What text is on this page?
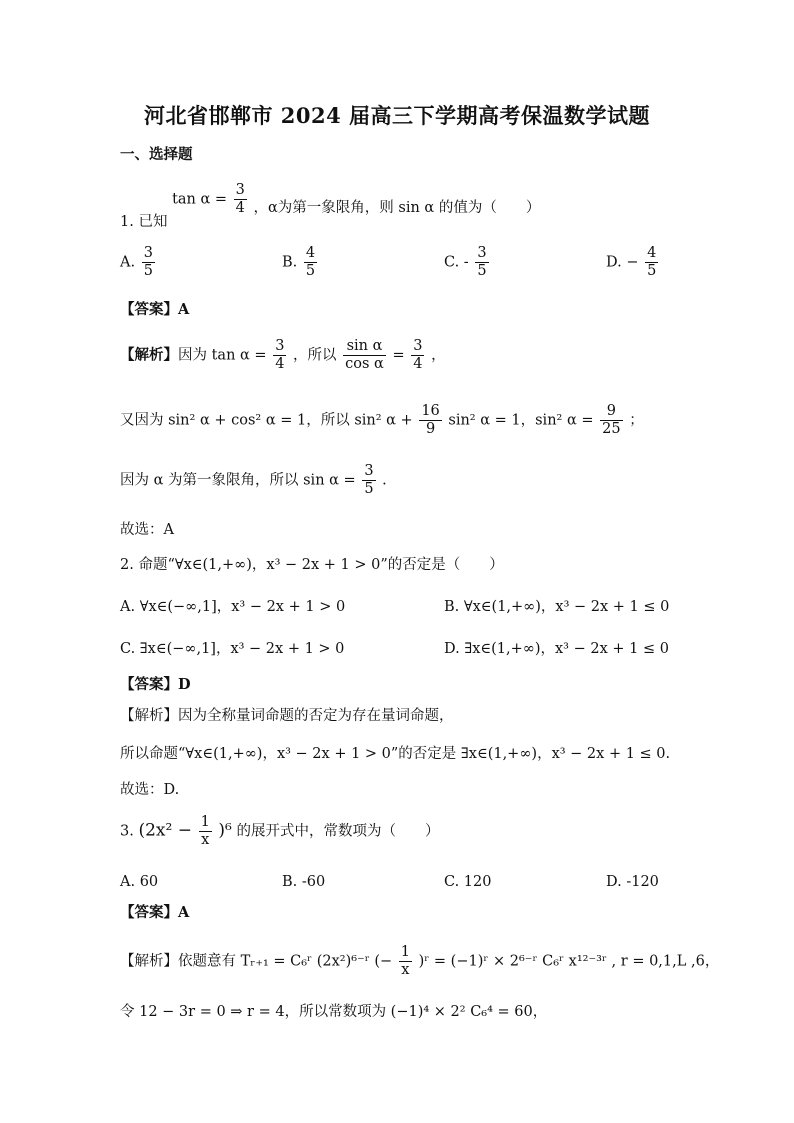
河北省邯郸市 2024 届高三下学期高考保温数学试题
一、选择题
1. 已知 $\tan \alpha = \frac{3}{4}$ ，α为第一象限角，则 sin α 的值为（　　）
A. $\frac{3}{5}$	B. $\frac{4}{5}$	C. - $\frac{3}{5}$	D. − $\frac{4}{5}$
【答案】A
【解析】因为 $\tan \alpha = \frac{3}{4}$ ，所以 $\frac{\text{sin α}}{\text{cos α}} = \frac{3}{4}$ ，
又因为 sin² α + cos² α = 1，所以 sin² $\alpha + \frac{16}{9} \sin^2$ α = 1，sin² $\alpha = \frac{9}{25}$ ；
因为 α 为第一象限角，所以 $\sin \alpha = \frac{3}{5}$ .
故选：A
2. 命题“∀x∈(1,+∞)，x³ − 2x + 1 > 0”的否定是（　　）
A. ∀x∈(−∞,1]，x³ − 2x + 1 > 0	B. ∀x∈(1,+∞)，x³ − 2x + 1 ≤ 0
C. ∃x∈(−∞,1]，x³ − 2x + 1 > 0	D. ∃x∈(1,+∞)，x³ − 2x + 1 ≤ 0
【答案】D
【解析】因为全称量词命题的否定为存在量词命题，
所以命题“∀x∈(1,+∞)，x³ − 2x + 1 > 0”的否定是 ∃x∈(1,+∞)，x³ − 2x + 1 ≤ 0.
故选：D.
3. $(2x^2 - \frac{1}{x} )^6$ 的展开式中，常数项为（　　）
A. 60	B. -60	C. 120	D. -120
【答案】A
【解析】依题意有 Tᵣ₊₁ = C₆ʳ (2x²)⁶⁻ʳ (− $\frac{1}{x}$ )ʳ = (−1)ʳ × 2⁶⁻ʳ C₆ʳ x¹²⁻³ʳ , r = 0,1,L ,6，
令 12 − 3r = 0 ⇒ r = 4，所以常数项为 (−1)⁴ × 2² C₆⁴ = 60，
